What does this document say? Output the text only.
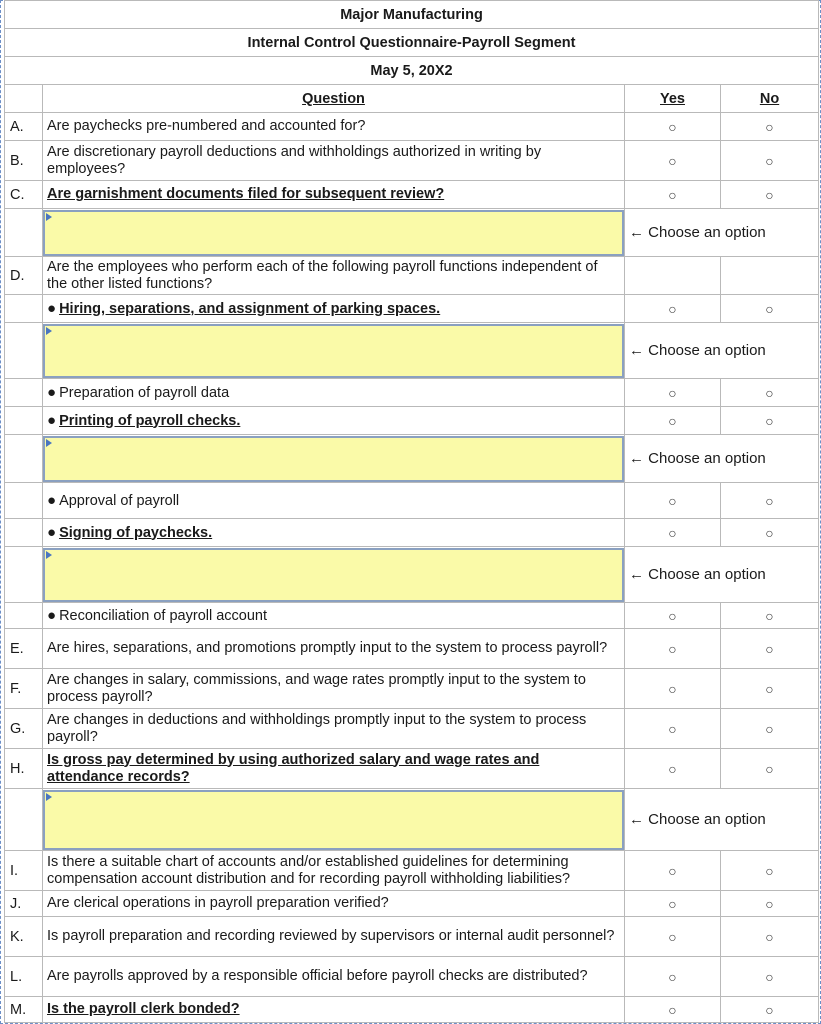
Major Manufacturing			
Internal Control Questionnaire-Payroll Segment			
May 5, 20X2			
	Question	Yes	No
A.	Are paychecks pre-numbered and accounted for?	○	○
B.	Are discretionary payroll deductions and withholdings authorized in writing by employees?	○	○
C.	Are garnishment documents filed for subsequent review?	○	○

	← Choose an option	
D.	Are the employees who perform each of the following payroll functions independent of the other listed functions?		
	● Hiring, separations, and assignment of parking spaces.	○	○

	← Choose an option	
	● Preparation of payroll data	○	○
	● Printing of payroll checks.	○	○

	← Choose an option	
	● Approval of payroll	○	○
	● Signing of paychecks.	○	○

	← Choose an option	
	● Reconciliation of payroll account	○	○
E.	Are hires, separations, and promotions promptly input to the system to process payroll?	○	○
F.	Are changes in salary, commissions, and wage rates promptly input to the system to process payroll?	○	○
G.	Are changes in deductions and withholdings promptly input to the system to process payroll?	○	○
H.	Is gross pay determined by using authorized salary and wage rates and attendance records?	○	○

	← Choose an option	
I.	Is there a suitable chart of accounts and/or established guidelines for determining compensation account distribution and for recording payroll withholding liabilities?	○	○
J.	Are clerical operations in payroll preparation verified?	○	○
K.	Is payroll preparation and recording reviewed by supervisors or internal audit personnel?	○	○
L.	Are payrolls approved by a responsible official before payroll checks are distributed?	○	○
M.	Is the payroll clerk bonded?	○	○
